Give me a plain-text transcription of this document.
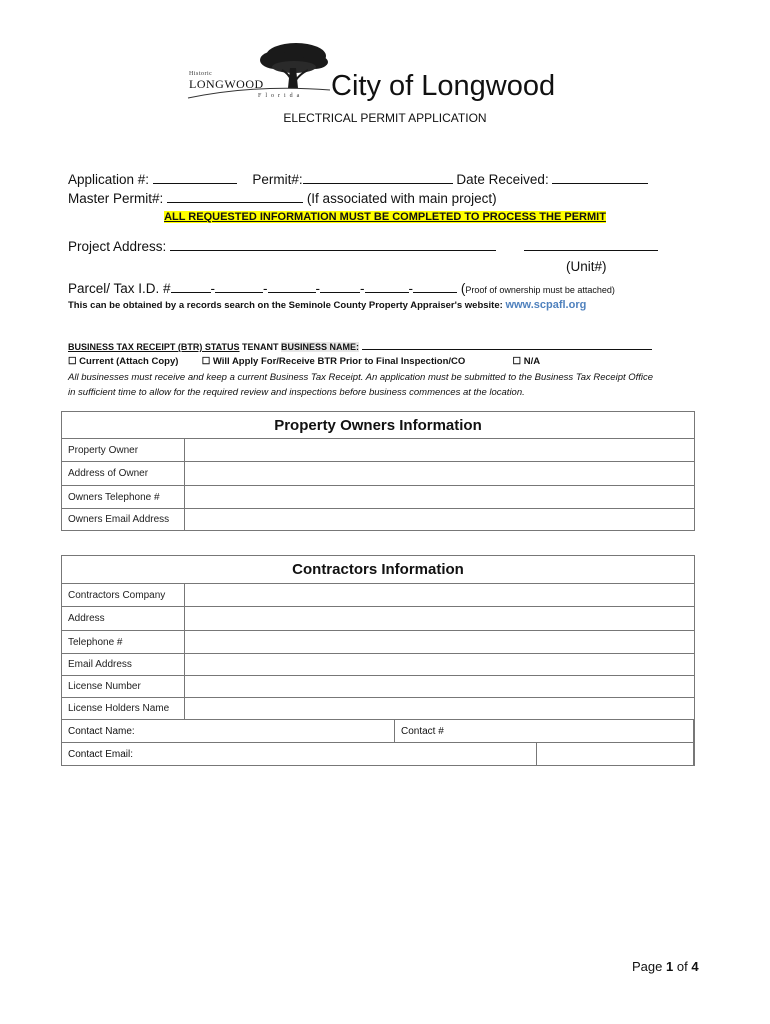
Historic
LONGWOOD
Florida City of Longwood
ELECTRICAL PERMIT APPLICATION
Application #:	Permit#:	Date Received:
Master Permit#:	(If associated with main project)
ALL REQUESTED INFORMATION MUST BE COMPLETED TO PROCESS THE PERMIT
Project Address:
(Unit#)
Parcel/ Tax I.D. #	-	-	-	-	-	(Proof of ownership must be attached)
This can be obtained by a records search on the Seminole County Property Appraiser's website: www.scpafl.org
BUSINESS TAX RECEIPT (BTR) STATUS TENANT BUSINESS NAME:
☐ Current (Attach Copy) ☐ Will Apply For/Receive BTR Prior to Final Inspection/CO	☐ N/A
All businesses must receive and keep a current Business Tax Receipt. An application must be submitted to the Business Tax Receipt Office
in sufficient time to allow for the required review and inspections before business commences at the location.
Property Owners Information	
Property Owner	
Address of Owner	
Owners Telephone #	
Owners Email Address	
Contractors Information		
Contractors Company		
Address		
Telephone #		
Email Address		
License Number		
License Holders Name		

Contact Name: Contact #		

Contact Email:		

Page 1 of 4
